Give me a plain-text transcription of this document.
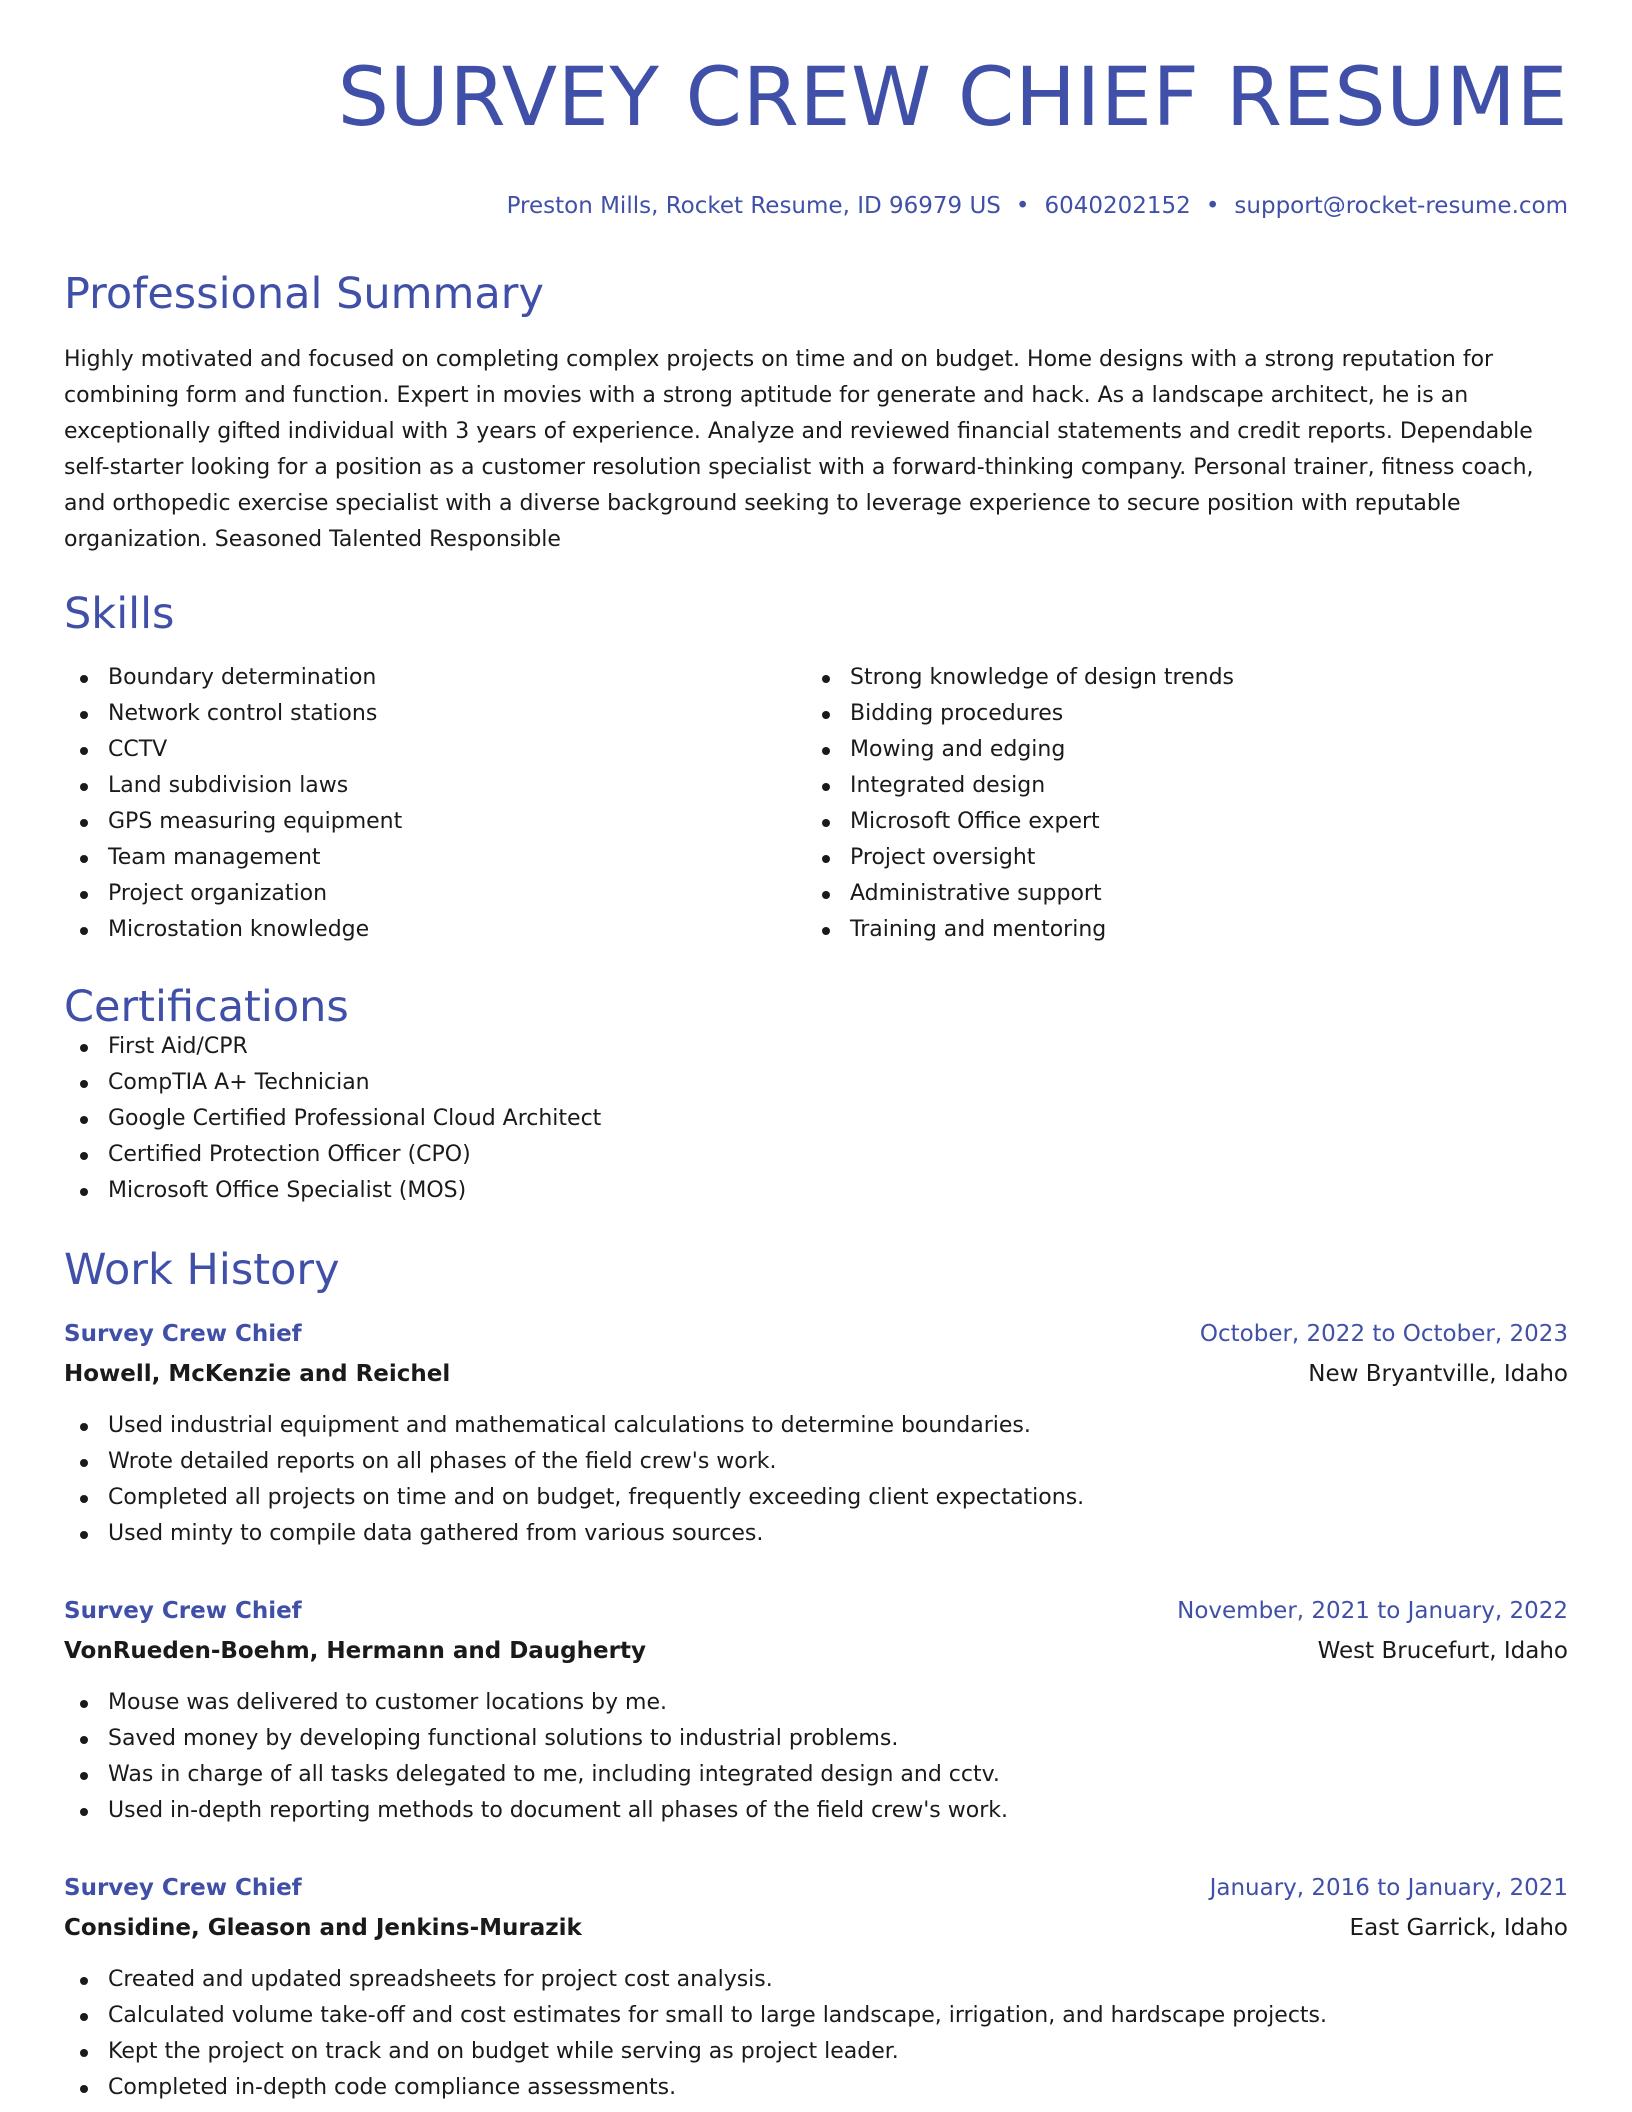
SURVEY CREW CHIEF RESUME
Preston Mills, Rocket Resume, ID 96979 US • 6040202152 • support@rocket-resume.com
Professional Summary

Highly motivated and focused on completing complex projects on time and on budget. Home designs with a strong reputation for combining form and function. Expert in movies with a strong aptitude for generate and hack. As a landscape architect, he is an exceptionally gifted individual with 3 years of experience. Analyze and reviewed financial statements and credit reports. Dependable self-starter looking for a position as a customer resolution specialist with a forward-thinking company. Personal trainer, fitness coach, and orthopedic exercise specialist with a diverse background seeking to leverage experience to secure position with reputable organization. Seasoned Talented Responsible

Skills
Boundary determination
Network control stations
CCTV
Land subdivision laws
GPS measuring equipment
Team management
Project organization
Microstation knowledge
Strong knowledge of design trends
Bidding procedures
Mowing and edging
Integrated design
Microsoft Office expert
Project oversight
Administrative support
Training and mentoring
Certifications
First Aid/CPR
CompTIA A+ Technician
Google Certified Professional Cloud Architect
Certified Protection Officer (CPO)
Microsoft Office Specialist (MOS)
Work History
Survey Crew Chief	October, 2022 to October, 2023
Howell, McKenzie and Reichel	New Bryantville, Idaho
Used industrial equipment and mathematical calculations to determine boundaries.
Wrote detailed reports on all phases of the field crew's work.
Completed all projects on time and on budget, frequently exceeding client expectations.
Used minty to compile data gathered from various sources.
Survey Crew Chief	November, 2021 to January, 2022
VonRueden-Boehm, Hermann and Daugherty	West Brucefurt, Idaho
Mouse was delivered to customer locations by me.
Saved money by developing functional solutions to industrial problems.
Was in charge of all tasks delegated to me, including integrated design and cctv.
Used in-depth reporting methods to document all phases of the field crew's work.
Survey Crew Chief	January, 2016 to January, 2021
Considine, Gleason and Jenkins-Murazik	East Garrick, Idaho
Created and updated spreadsheets for project cost analysis.
Calculated volume take-off and cost estimates for small to large landscape, irrigation, and hardscape projects.
Kept the project on track and on budget while serving as project leader.
Completed in-depth code compliance assessments.
